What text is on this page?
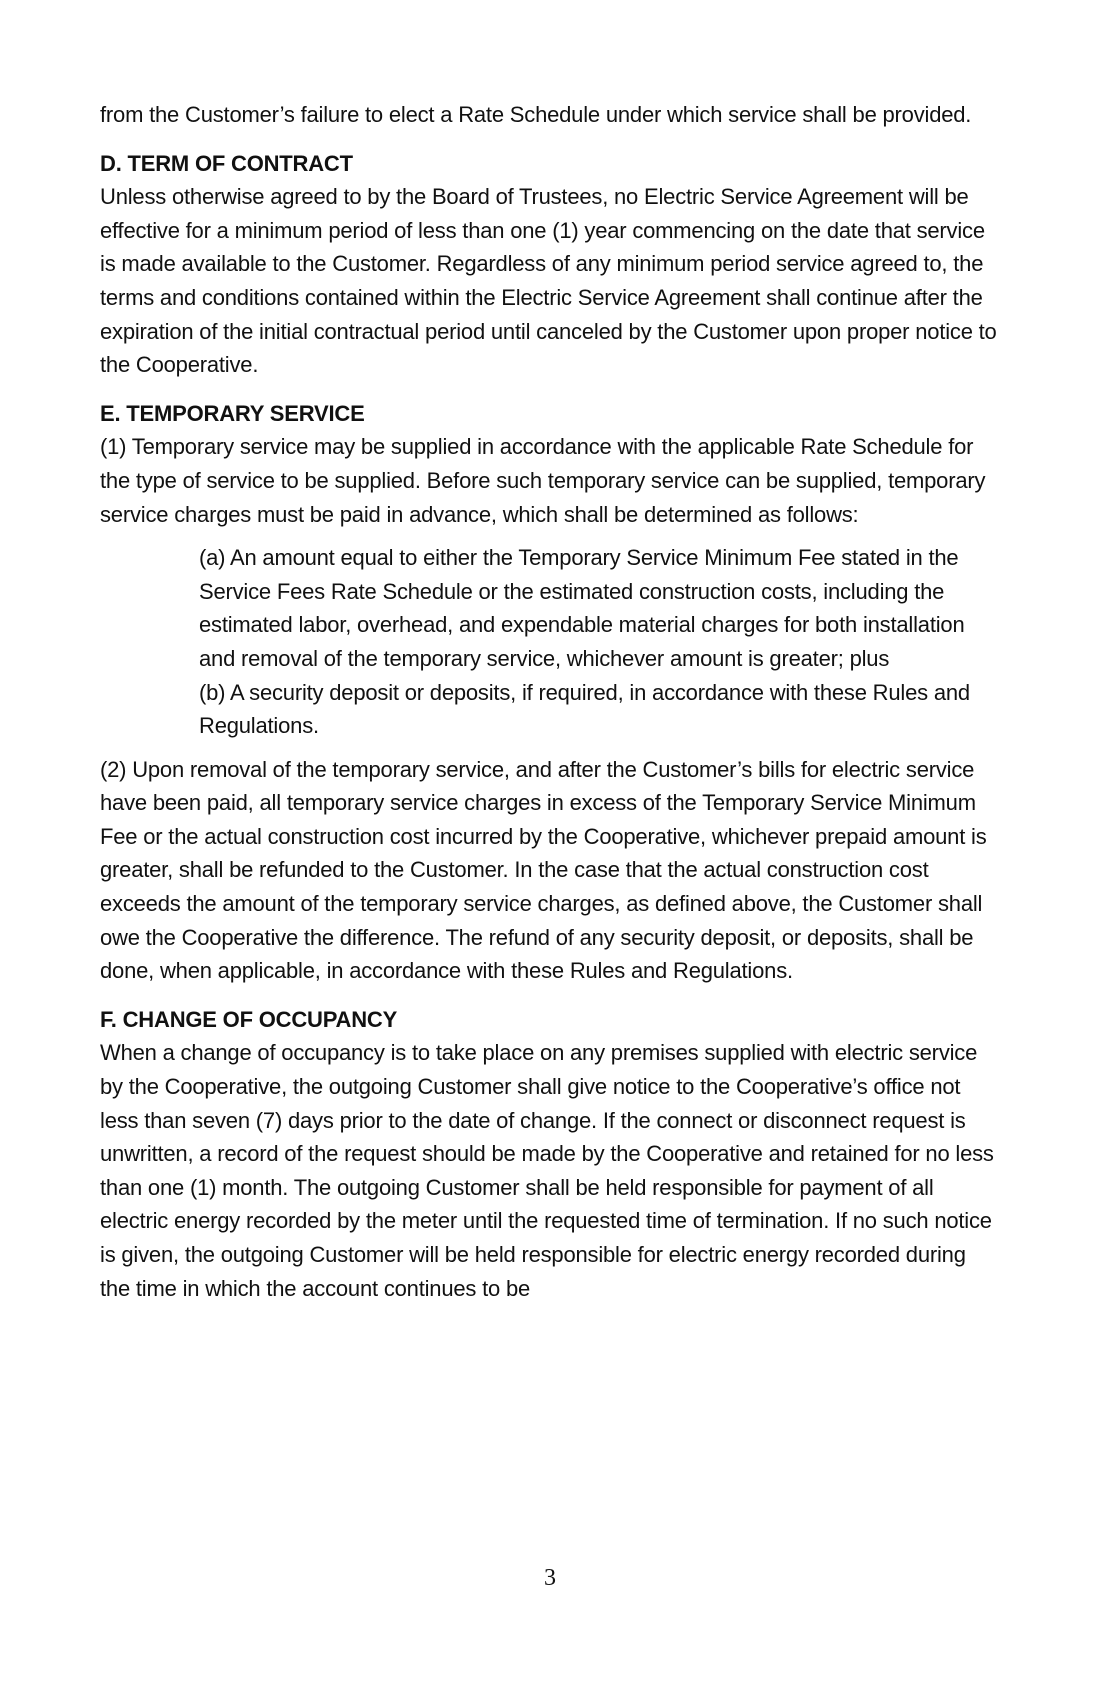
from the Customer’s failure to elect a Rate Schedule under which service shall be provided.

D. TERM OF CONTRACT

Unless otherwise agreed to by the Board of Trustees, no Electric Service Agreement will be effective for a minimum period of less than one (1) year commencing on the date that service is made available to the Customer. Regardless of any minimum period service agreed to, the terms and conditions contained within the Electric Service Agreement shall continue after the expiration of the initial contractual period until canceled by the Customer upon proper notice to the Cooperative.

E. TEMPORARY SERVICE

(1) Temporary service may be supplied in accordance with the applicable Rate Schedule for the type of service to be supplied. Before such temporary service can be supplied, temporary service charges must be paid in advance, which shall be determined as follows:

(a) An amount equal to either the Temporary Service Minimum Fee stated in the Service Fees Rate Schedule or the estimated construction costs, including the estimated labor, overhead, and expendable material charges for both installation and removal of the temporary service, whichever amount is greater; plus

(b) A security deposit or deposits, if required, in accordance with these Rules and Regulations.

(2) Upon removal of the temporary service, and after the Customer’s bills for electric service have been paid, all temporary service charges in excess of the Temporary Service Minimum Fee or the actual construction cost incurred by the Cooperative, whichever prepaid amount is greater, shall be refunded to the Customer. In the case that the actual construction cost exceeds the amount of the temporary service charges, as defined above, the Customer shall owe the Cooperative the difference. The refund of any security deposit, or deposits, shall be done, when applicable, in accordance with these Rules and Regulations.

F. CHANGE OF OCCUPANCY

When a change of occupancy is to take place on any premises supplied with electric service by the Cooperative, the outgoing Customer shall give notice to the Cooperative’s office not less than seven (7) days prior to the date of change. If the connect or disconnect request is unwritten, a record of the request should be made by the Cooperative and retained for no less than one (1) month. The outgoing Customer shall be held responsible for payment of all electric energy recorded by the meter until the requested time of termination. If no such notice is given, the outgoing Customer will be held responsible for electric energy recorded during the time in which the account continues to be

3
